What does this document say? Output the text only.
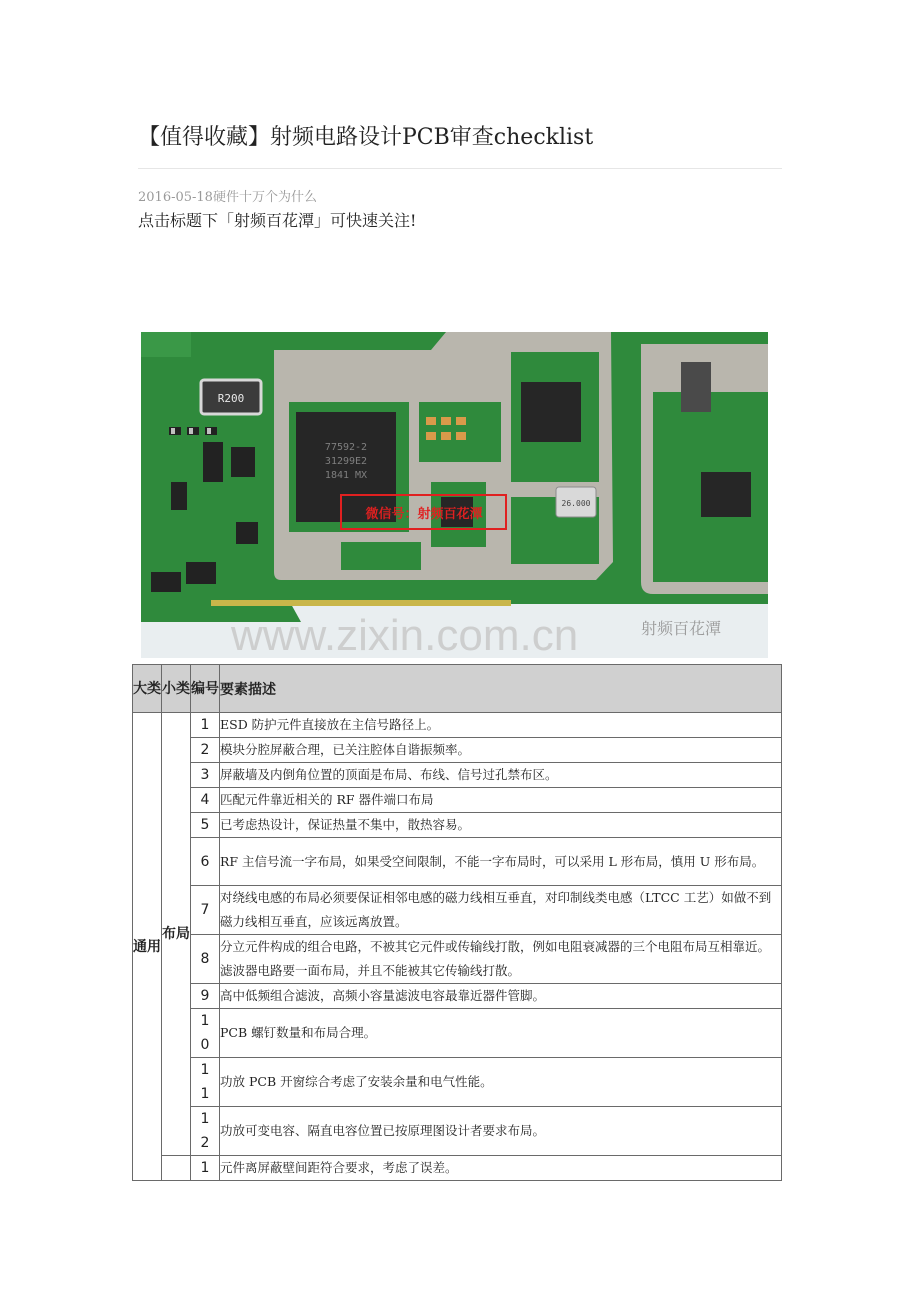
【值得收藏】射频电路设计PCB审查checklist
2016-05-18硬件十万个为什么
点击标题下「射频百花潭」可快速关注!
R200
77592-2
31299E2
1841 MX
26.000
微信号：射频百花潭
www.zixin.com.cn	射频百花潭
大类	小类	编号	要素描述
通用	布局	1	ESD 防护元件直接放在主信号路径上。
		2	模块分腔屏蔽合理，已关注腔体自谐振频率。
		3	屏蔽墙及内倒角位置的顶面是布局、布线、信号过孔禁布区。
		4	匹配元件靠近相关的 RF 器件端口布局
		5	已考虑热设计，保证热量不集中，散热容易。
		6	RF 主信号流一字布局，如果受空间限制，不能一字布局时，可以采用 L 形布局，慎用 U 形布局。
		7	对绕线电感的布局必须要保证相邻电感的磁力线相互垂直，对印制线类电感（LTCC 工艺）如做不到磁力线相互垂直，应该远离放置。
		8	分立元件构成的组合电路，不被其它元件或传输线打散，例如电阻衰减器的三个电阻布局互相靠近。滤波器电路要一面布局，并且不能被其它传输线打散。
		9	高中低频组合滤波，高频小容量滤波电容最靠近器件管脚。
		10	PCB 螺钉数量和布局合理。
		11	功放 PCB 开窗综合考虑了安装余量和电气性能。
		12	功放可变电容、隔直电容位置已按原理图设计者要求布局。
		1	元件离屏蔽壁间距符合要求，考虑了误差。
